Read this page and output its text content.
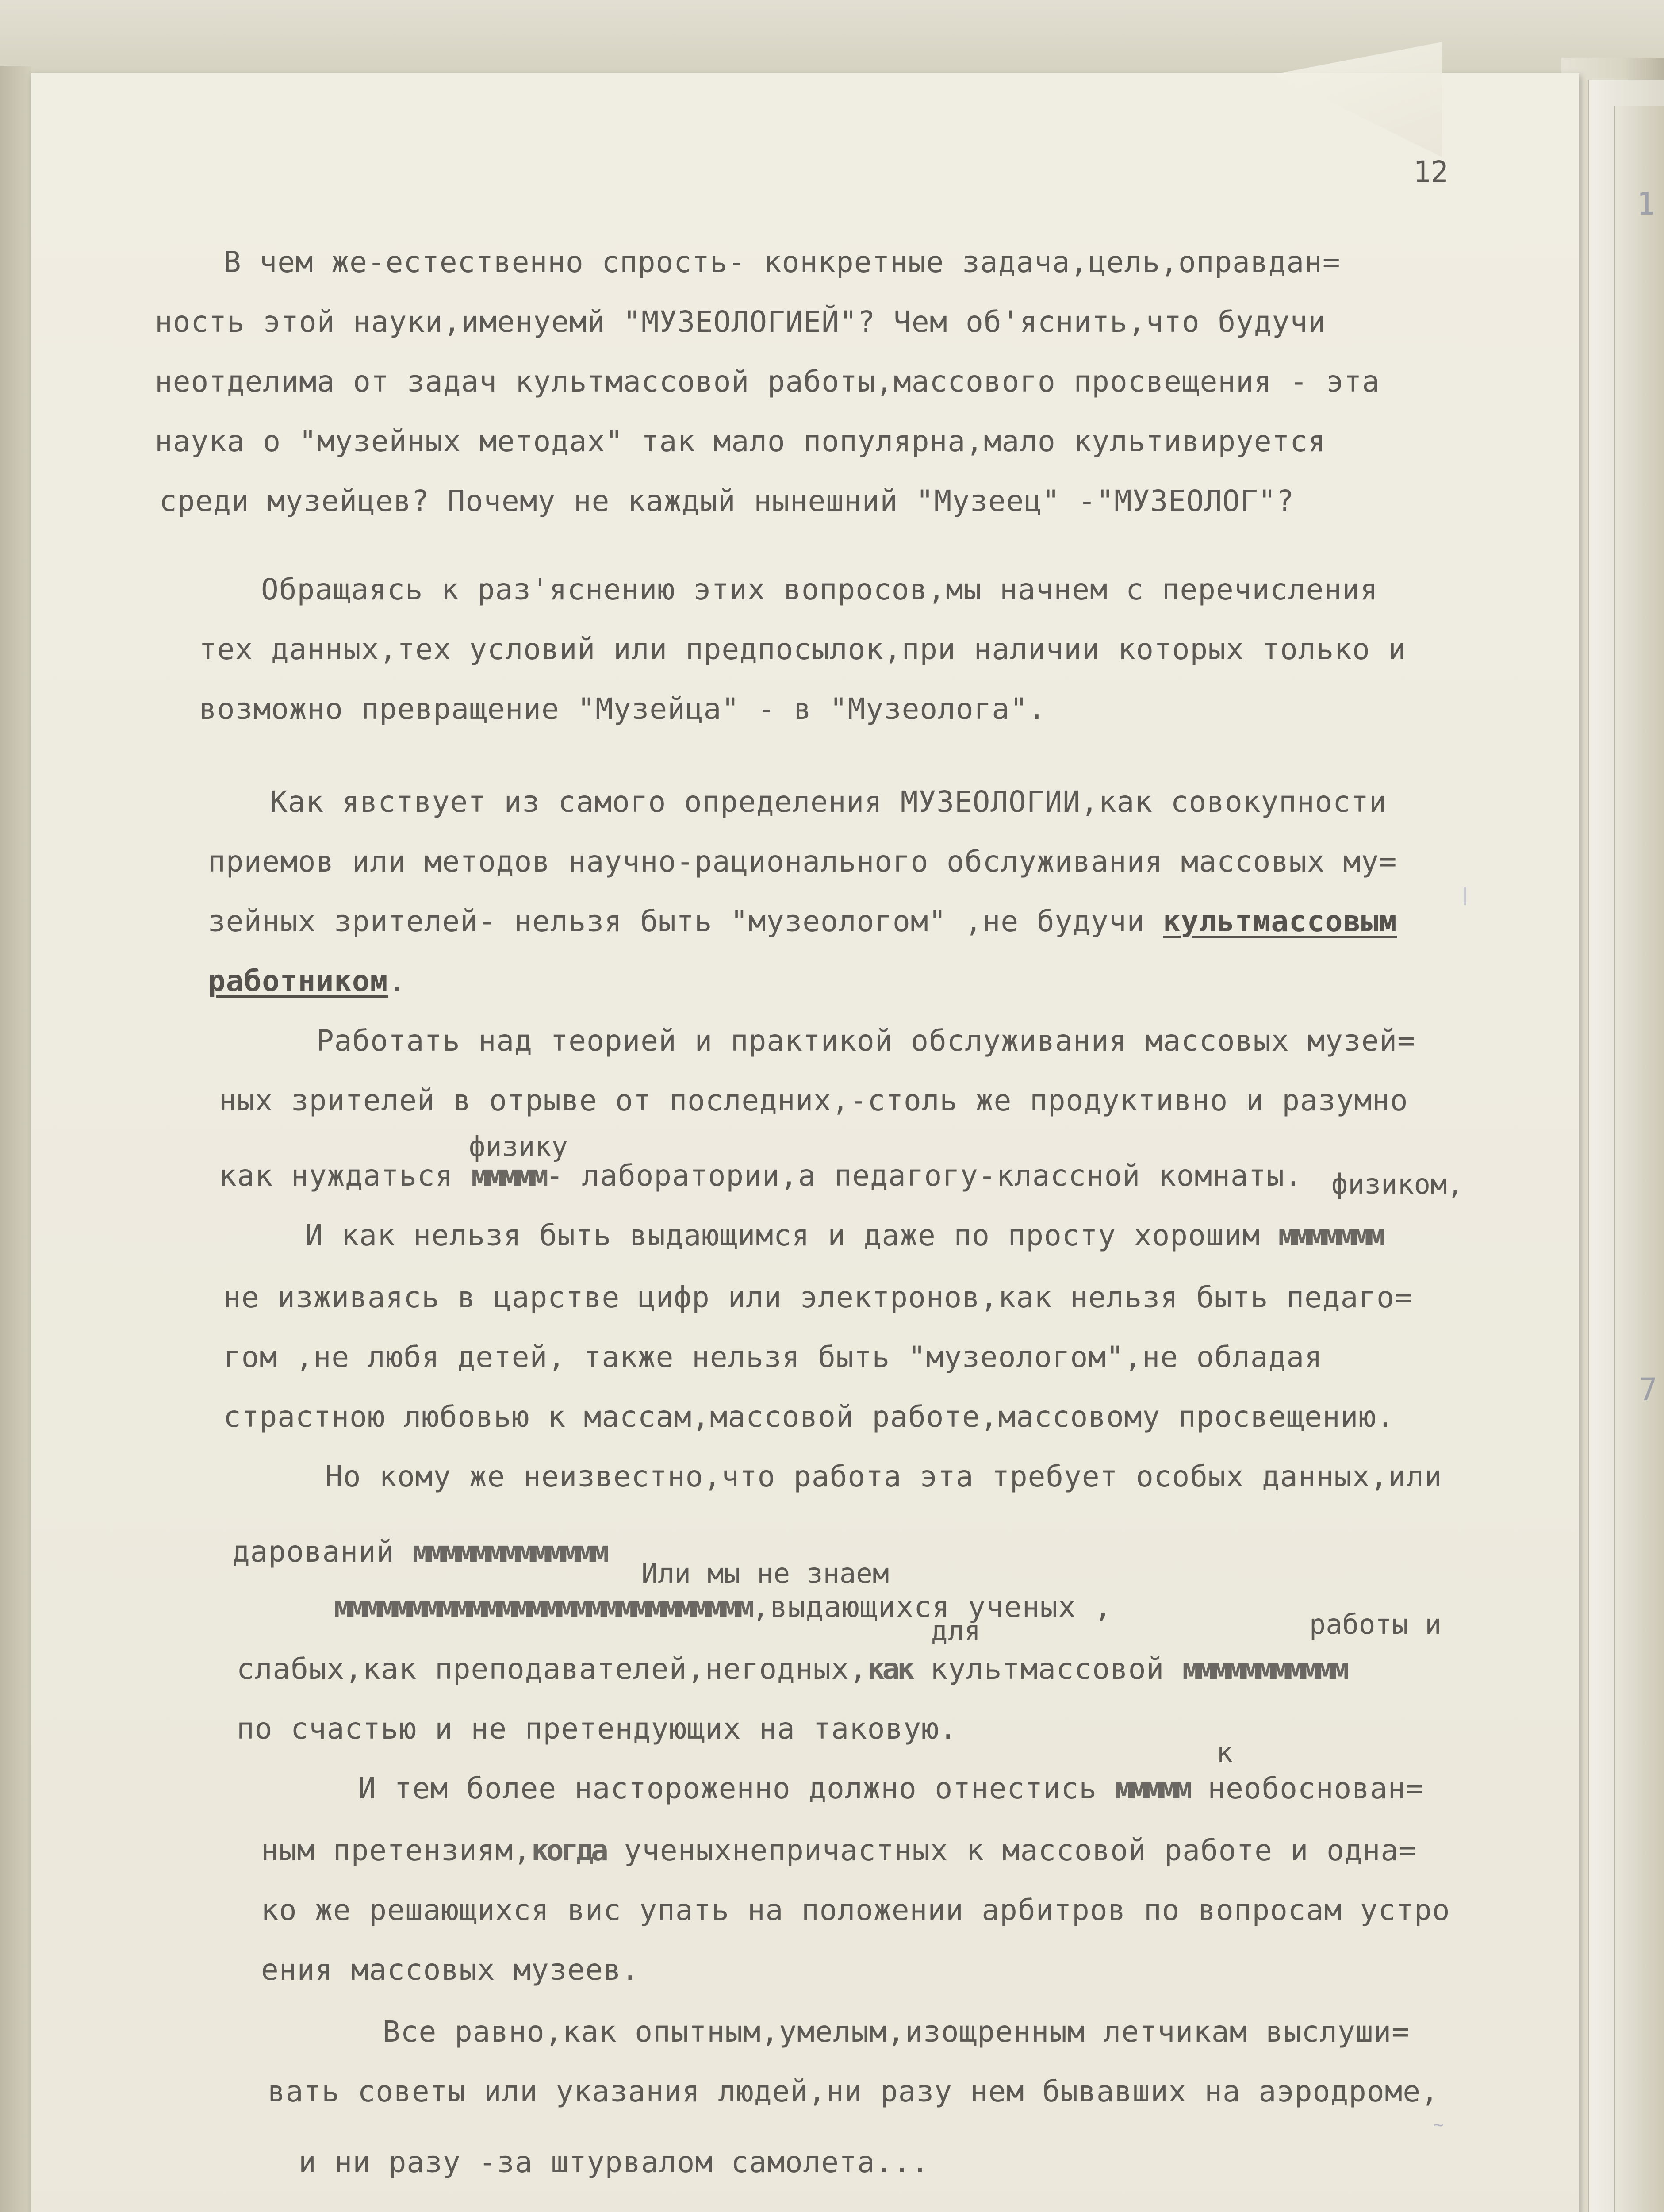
1
7
|
~
12
В чем же-естественно спрость- конкретные задача,цель,оправдан=
ность этой науки,именуемй "МУЗЕОЛОГИЕЙ"? Чем об'яснить,что будучи
неотделима от задач культмассовой работы,массового просвещения - эта
наука о "музейных методах" так мало популярна,мало культивируется
среди музейцев? Почему не каждый нынешний "Музеец" -"МУЗЕОЛОГ"?
Обращаясь к раз'яснению этих вопросов,мы начнем с перечисления
тех данных,тех условий или предпосылок,при наличии которых только и
возможно превращение "Музейца" - в "Музеолога".
Как явствует из самого определения МУЗЕОЛОГИИ,как совокупности
приемов или методов научно-рационального обслуживания массовых му=
зейных зрителей- нельзя быть "музеологом" ,не будучи культмассовым
работником.
Работать над теорией и практикой обслуживания массовых музей=
ных зрителей в отрыве от последних,-столь же продуктивно и разумно
физику
как нуждаться ммммм- лаборатории,а педагогу-классной комнаты. физиком,
И как нельзя быть выдающимся и даже по просту хорошим ммммммм
не изживаясь в царстве цифр или электронов,как нельзя быть педаго=
гом ,не любя детей, также нельзя быть "музеологом",не обладая
страстною любовью к массам,массовой работе,массовому просвещению.
Но кому же неизвестно,что работа эта требует особых данных,или
дарований ммммммммммммм
Или мы не знаем
мммммммммммммммммммммммммммм,выдающихся ученых ,
для	работы и
слабых,как преподавателей,негодных,как культмассовой ммммммммммм
по счастью и не претендующих на таковую.
к
И тем более настороженно должно отнестись ммммм необоснован=
ным претензиям,когда ученыхнепричастных к массовой работе и одна=
ко же решающихся вис упать на положении арбитров по вопросам устро
ения массовых музеев.
Все равно,как опытным,умелым,изощренным летчикам выслуши=
вать советы или указания людей,ни разу нем бывавших на аэродроме,
и ни разу -за штурвалом самолета...
